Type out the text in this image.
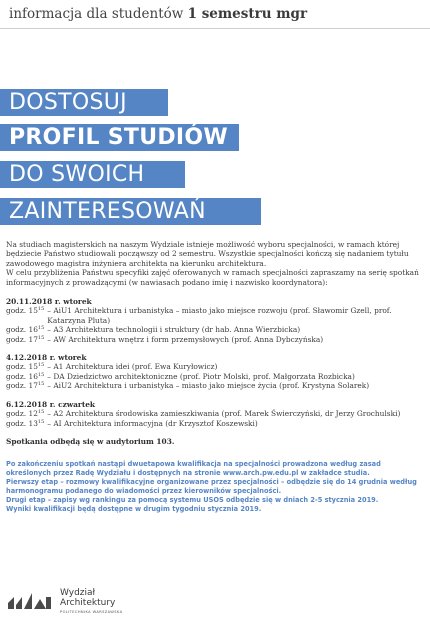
informacja dla studentów 1 semestru mgr
DOSTOSUJ
PROFIL STUDIÓW
DO SWOICH
ZAINTERESOWAŃ

Na studiach magisterskich na naszym Wydziale istnieje możliwość wyboru specjalności, w ramach której będziecie Państwo studiowali począwszy od 2 semestru. Wszystkie specjalności kończą się nadaniem tytułu zawodowego magistra inżyniera architekta na kierunku architektura.

W celu przybliżenia Państwu specyfiki zajęć oferowanych w ramach specjalności zapraszamy na serię spotkań informacyjnych z prowadzącymi (w nawiasach podano imię i nazwisko koordynatora):

20.11.2018 r. wtorek
godz. $15^{15} - AiU1$ Architektura i urbanistyka – miasto jako miejsce rozwoju (prof. Sławomir Gzell, prof. Katarzyna Pluta)
godz. $16^{15} - A3$ Architektura technologii i struktury (dr hab. Anna Wierzbicka)
godz. $17^{15}$ – AW Architektura wnętrz i form przemysłowych (prof. Anna Dybczyńska)
4.12.2018 r. wtorek
godz. $15^{15} - A1$ Architektura idei (prof. Ewa Kuryłowicz)
godz. $16^{15}$ – DA Dziedzictwo architektoniczne (prof. Piotr Molski, prof. Małgorzata Rozbicka)
godz. $17^{15} - AiU2$ Architektura i urbanistyka – miasto jako miejsce życia (prof. Krystyna Solarek)
6.12.2018 r. czwartek
godz. $12^{15} - A2$ Architektura środowiska zamieszkiwania (prof. Marek Świerczyński, dr Jerzy Grochulski)
godz. $13^{15}$ – AI Architektura informacyjna (dr Krzysztof Koszewski)
Spotkania odbędą się w audytorium 103.

Po zakończeniu spotkań nastąpi dwuetapowa kwalifikacja na specjalności prowadzona według zasad określonych przez Radę Wydziału i dostępnych na stronie www.arch.pw.edu.pl w zakładce studia.

Pierwszy etap – rozmowy kwalifikacyjne organizowane przez specjalności – odbędzie się do 14 grudnia według harmonogramu podanego do wiadomości przez kierowników specjalności.

Drugi etap – zapisy wg rankingu za pomocą systemu USOS odbędzie się w dniach 2-5 stycznia 2019.

Wyniki kwalifikacji będą dostępne w drugim tygodniu stycznia 2019.

Wydział
Architektury
POLITECHNIKA WARSZAWSKA
